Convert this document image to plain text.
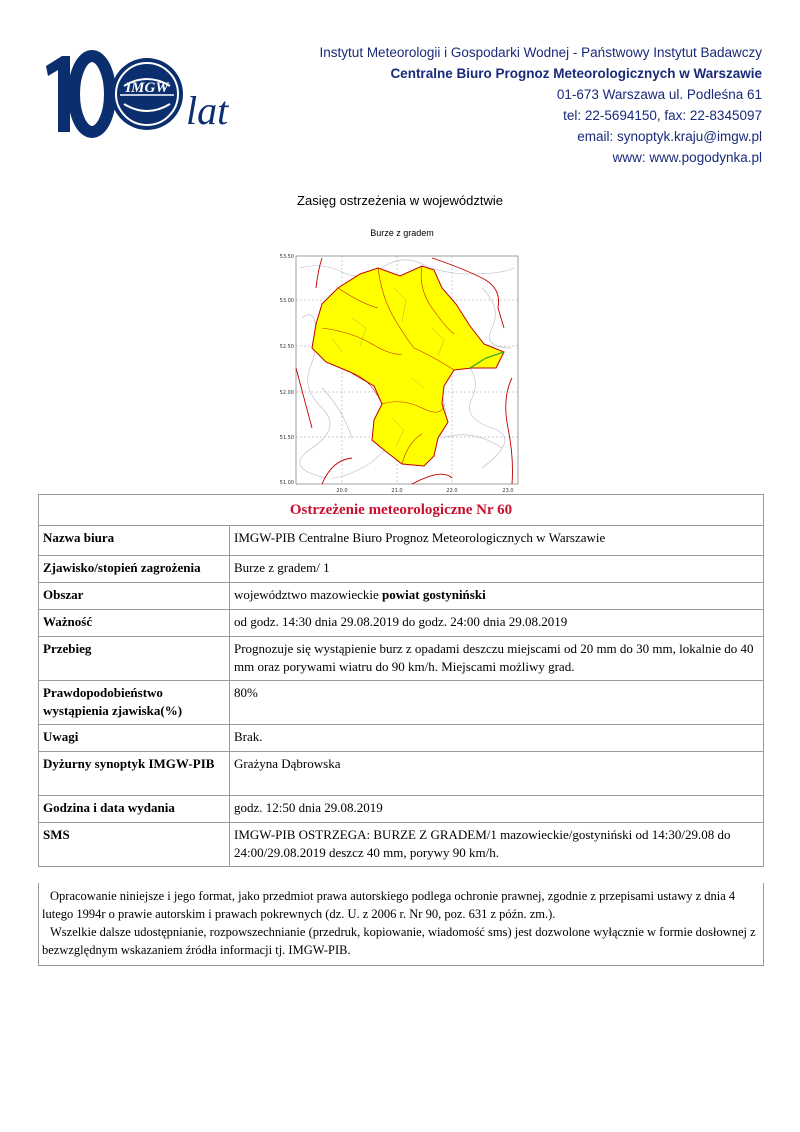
IMGW lat
Instytut Meteorologii i Gospodarki Wodnej - Państwowy Instytut Badawczy
Centralne Biuro Prognoz Meteorologicznych w Warszawie
01-673 Warszawa ul. Podleśna 61
tel: 22-5694150, fax: 22-8345097
email: synoptyk.kraju@imgw.pl
www: www.pogodynka.pl
Zasięg ostrzeżenia w województwie
Burze z gradem
53.50
53.00
52.50
52.00
51.50
51.00
20.0	21.0	22.0	23.0
Ostrzeżenie meteorologiczne Nr 60	
Nazwa biura	IMGW-PIB Centralne Biuro Prognoz Meteorologicznych w Warszawie
Zjawisko/stopień zagrożenia	Burze z gradem/ 1
Obszar	województwo mazowieckie powiat gostyniński
Ważność	od godz. 14:30 dnia 29.08.2019 do godz. 24:00 dnia 29.08.2019
Przebieg	Prognozuje się wystąpienie burz z opadami deszczu miejscami od 20 mm do 30 mm, lokalnie do 40 mm oraz porywami wiatru do 90 km/h. Miejscami możliwy grad.
Prawdopodobieństwo wystąpienia zjawiska(%)	80%
Uwagi	Brak.
Dyżurny synoptyk IMGW-PIB	Grażyna Dąbrowska
Godzina i data wydania	godz. 12:50 dnia 29.08.2019
SMS	IMGW-PIB OSTRZEGA: BURZE Z GRADEM/1 mazowieckie/gostyniński od 14:30/29.08 do 24:00/29.08.2019 deszcz 40 mm, porywy 90 km/h.
Opracowanie niniejsze i jego format, jako przedmiot prawa autorskiego podlega ochronie prawnej, zgodnie z przepisami ustawy z dnia 4 lutego 1994r o prawie autorskim i prawach pokrewnych (dz. U. z 2006 r. Nr 90, poz. 631 z późn. zm.).
Wszelkie dalsze udostępnianie, rozpowszechnianie (przedruk, kopiowanie, wiadomość sms) jest dozwolone wyłącznie w formie dosłownej z bezwzględnym wskazaniem źródła informacji tj. IMGW-PIB.
